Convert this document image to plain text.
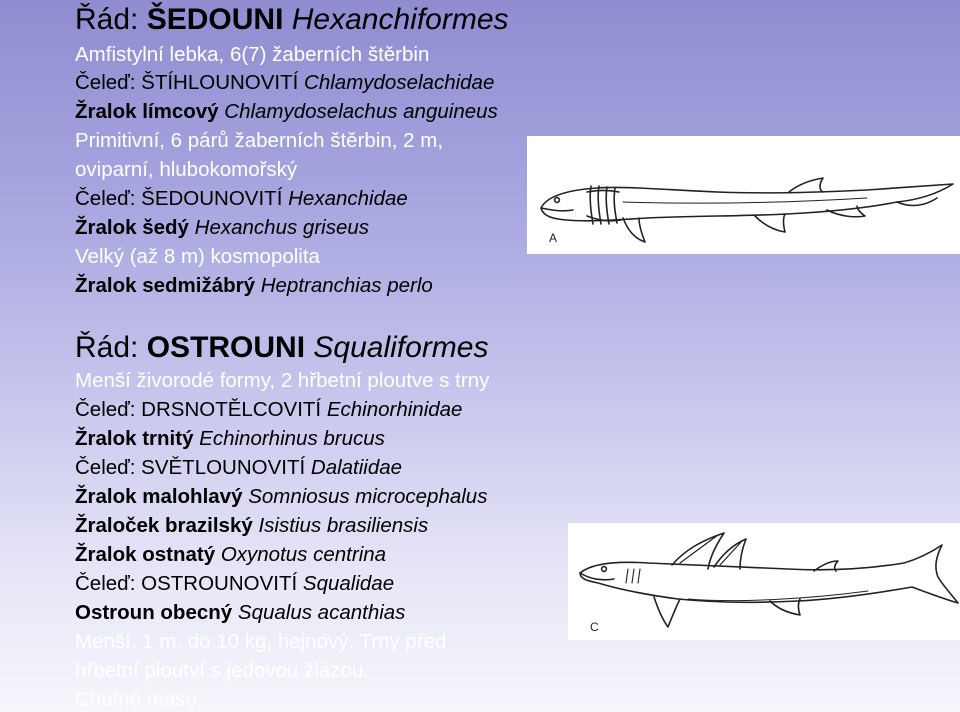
Řád: ŠEDOUNI Hexanchiformes
Amfistylní lebka, 6(7) žaberních štěrbin
Čeleď: ŠTÍHLOUNOVITÍ Chlamydoselachidae
Žralok límcový Chlamydoselachus anguineus
Primitivní, 6 párů žaberních štěrbin, 2 m,
oviparní, hlubokomořský
Čeleď: ŠEDOUNOVITÍ Hexanchidae
Žralok šedý Hexanchus griseus
Velký (až 8 m) kosmopolita
Žralok sedmižábrý Heptranchias perlo
Řád: OSTROUNI Squaliformes
Menší živorodé formy, 2 hřbetní ploutve s trny
Čeleď: DRSNOTĚLCOVITÍ Echinorhinidae
Žralok trnitý Echinorhinus brucus
Čeleď: SVĚTLOUNOVITÍ Dalatiidae
Žralok malohlavý Somniosus microcephalus
Žraloček brazilský Isistius brasiliensis
Žralok ostnatý Oxynotus centrina
Čeleď: OSTROUNOVITÍ Squalidae
Ostroun obecný Squalus acanthias
Menší, 1 m, do 10 kg, hejnový. Trny před
hřbetní ploutví s jedovou žlázou.
Chutné maso.
A
C
